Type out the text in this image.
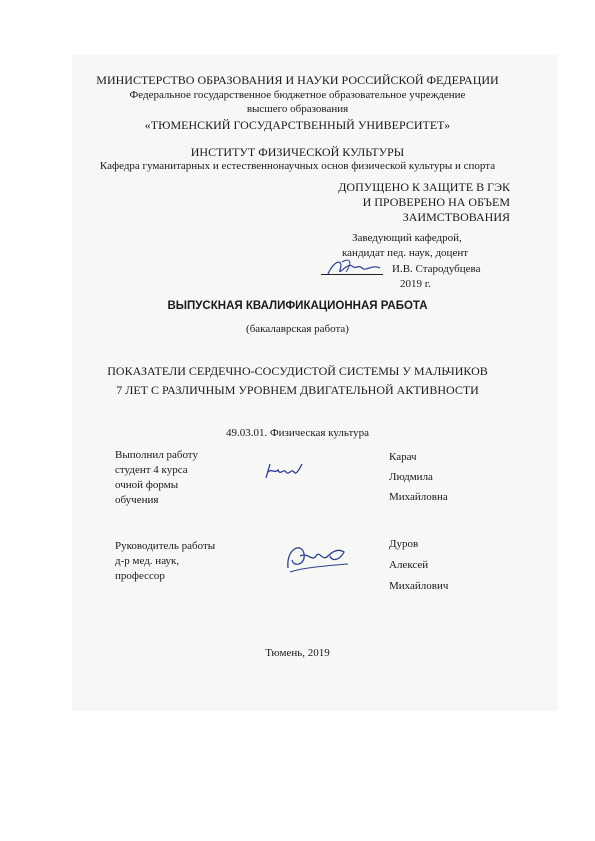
МИНИСТЕРСТВО ОБРАЗОВАНИЯ И НАУКИ РОССИЙСКОЙ ФЕДЕРАЦИИ
Федеральное государственное бюджетное образовательное учреждение
высшего образования
«ТЮМЕНСКИЙ ГОСУДАРСТВЕННЫЙ УНИВЕРСИТЕТ»
ИНСТИТУТ ФИЗИЧЕСКОЙ КУЛЬТУРЫ
Кафедра гуманитарных и естественнонаучных основ физической культуры и спорта
ДОПУЩЕНО К ЗАЩИТЕ В ГЭК
И ПРОВЕРЕНО НА ОБЪЕМ
ЗАИМСТВОВАНИЯ
Заведующий кафедрой,
кандидат пед. наук, доцент
И.В. Стародубцева
2019 г.
ВЫПУСКНАЯ КВАЛИФИКАЦИОННАЯ РАБОТА
(бакалаврская работа)
ПОКАЗАТЕЛИ СЕРДЕЧНО-СОСУДИСТОЙ СИСТЕМЫ У МАЛЬЧИКОВ
7 ЛЕТ С РАЗЛИЧНЫМ УРОВНЕМ ДВИГАТЕЛЬНОЙ АКТИВНОСТИ
49.03.01. Физическая культура
Выполнил работу
студент 4 курса
очной формы
обучения
Карач
Людмила
Михайловна
Руководитель работы
д-р мед. наук,
профессор
Дуров
Алексей
Михайлович
Тюмень, 2019
